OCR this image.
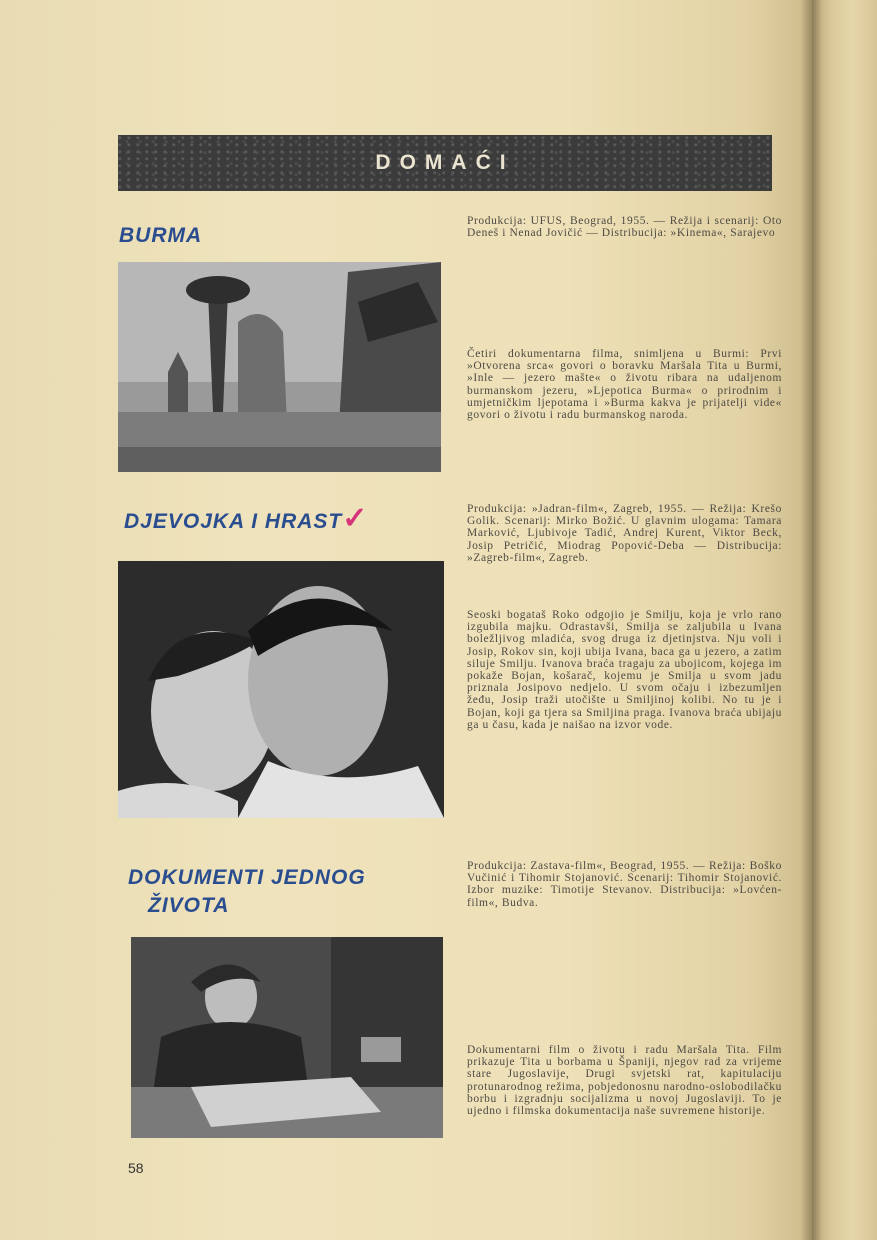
DOMAĆI
BURMA
Produkcija: UFUS, Beograd, 1955. — Režija i scenarij: Oto Deneš i Nenad Jovičić — Distribucija: »Kinema«, Sarajevo
Četiri dokumentarna filma, snimljena u Burmi: Prvi »Otvorena srca« govori o boravku Maršala Tita u Burmi, »Inle — jezero mašte« o životu ribara na udaljenom burmanskom jezeru, »Ljepotica Burma« o prirodnim i umjetničkim ljepotama i »Burma kakva je prijatelji vide« govori o životu i radu burmanskog naroda.
DJEVOJKA I HRAST✓	Produkcija: »Jadran-film«, Zagreb, 1955. — Režija: Krešo Golik. Scenarij: Mirko Božić. U glavnim ulogama: Tamara Marković, Ljubivoje Tadić, Andrej Kurent, Viktor Beck, Josip Petričić, Miodrag Popović-Deba — Distribucija: »Zagreb-film«, Zagreb.
Seoski bogataš Roko odgojio je Smilju, koja je vrlo rano izgubila majku. Odrastavši, Smilja se zaljubila u Ivana boležljivog mladića, svog druga iz djetinjstva. Nju voli i Josip, Rokov sin, koji ubija Ivana, baca ga u jezero, a zatim siluje Smilju. Ivanova braća tragaju za ubojicom, kojega im pokaže Bojan, košarač, kojemu je Smilja u svom jadu priznala Josipovo nedjelo. U svom očaju i izbezumljen žeđu, Josip traži utočište u Smiljinoj kolibi. No tu je i Bojan, koji ga tjera sa Smiljina praga. Ivanova braća ubijaju ga u času, kada je naišao na izvor vode.
DOKUMENTI JEDNOG
ŽIVOTA
Produkcija: Zastava-film«, Beograd, 1955. — Režija: Boško Vučinić i Tihomir Stojanović. Scenarij: Tihomir Stojanović. Izbor muzike: Timotije Stevanov. Distribucija: »Lovćen-film«, Budva.
Dokumentarni film o životu i radu Maršala Tita. Film prikazuje Tita u borbama u Španiji, njegov rad za vrijeme stare Jugoslavije, Drugi svjetski rat, kapitulaciju protunarodnog režima, pobjedonosnu narodno-oslobodilačku borbu i izgradnju socijalizma u novoj Jugoslaviji. To je ujedno i filmska dokumentacija naše suvremene historije.
58
